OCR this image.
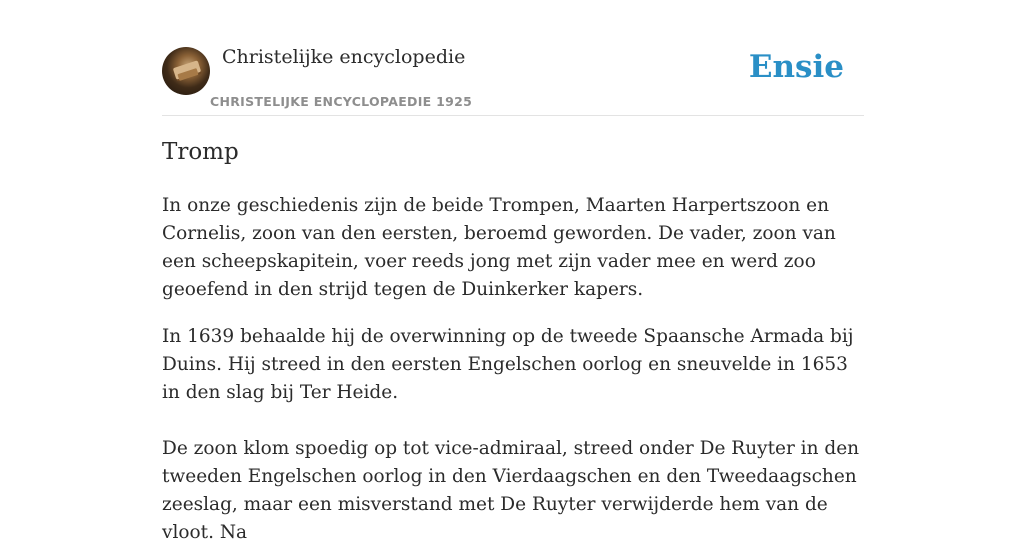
Christelijke encyclopedie
CHRISTELIJKE ENCYCLOPAEDIE 1925
Ensie
Tromp

In onze geschiedenis zijn de beide Trompen, Maarten Harpertszoon en Cornelis, zoon van den eersten, beroemd geworden. De vader, zoon van een scheepskapitein, voer reeds jong met zijn vader mee en werd zoo geoefend in den strijd tegen de Duinkerker kapers.

In 1639 behaalde hij de overwinning op de tweede Spaansche Armada bij Duins. Hij streed in den eersten Engelschen oorlog en sneuvelde in 1653 in den slag bij Ter Heide.

De zoon klom spoedig op tot vice-admiraal, streed onder De Ruyter in den tweeden Engelschen oorlog in den Vierdaagschen en den Tweedaagschen zeeslag, maar een misverstand met De Ruyter verwijderde hem van de vloot. Na
